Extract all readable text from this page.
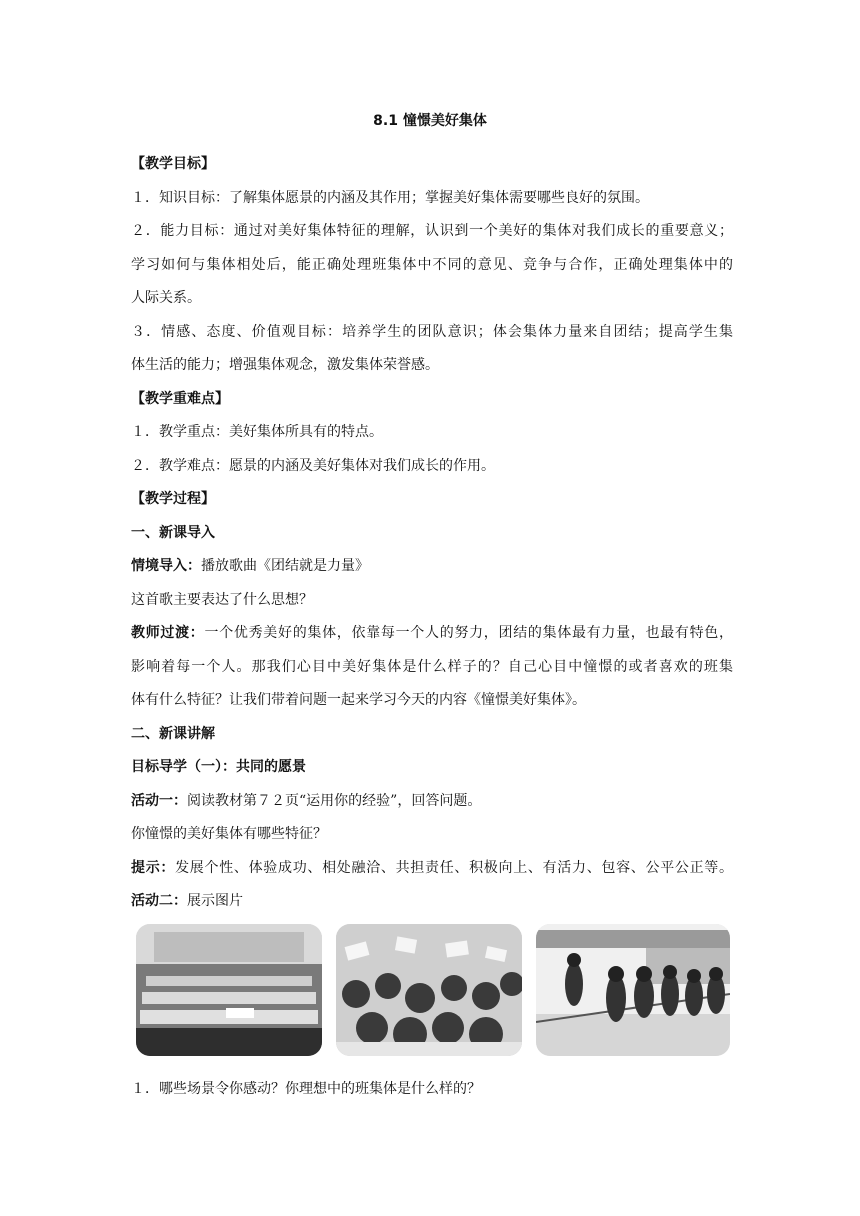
8.1 憧憬美好集体

【教学目标】

１．知识目标：了解集体愿景的内涵及其作用；掌握美好集体需要哪些良好的氛围。

２．能力目标：通过对美好集体特征的理解，认识到一个美好的集体对我们成长的重要意义；

学习如何与集体相处后，能正确处理班集体中不同的意见、竞争与合作，正确处理集体中的

人际关系。

３．情感、态度、价值观目标：培养学生的团队意识；体会集体力量来自团结；提高学生集

体生活的能力；增强集体观念，激发集体荣誉感。

【教学重难点】

１．教学重点：美好集体所具有的特点。

２．教学难点：愿景的内涵及美好集体对我们成长的作用。

【教学过程】

一、新课导入

情境导入：播放歌曲《团结就是力量》

这首歌主要表达了什么思想？

教师过渡：一个优秀美好的集体，依靠每一个人的努力，团结的集体最有力量，也最有特色，

影响着每一个人。那我们心目中美好集体是什么样子的？自己心目中憧憬的或者喜欢的班集

体有什么特征？让我们带着问题一起来学习今天的内容《憧憬美好集体》。

二、新课讲解

目标导学（一）：共同的愿景

活动一：阅读教材第７２页“运用你的经验”，回答问题。

你憧憬的美好集体有哪些特征？

提示：发展个性、体验成功、相处融洽、共担责任、积极向上、有活力、包容、公平公正等。

活动二：展示图片

１．哪些场景令你感动？你理想中的班集体是什么样的？
